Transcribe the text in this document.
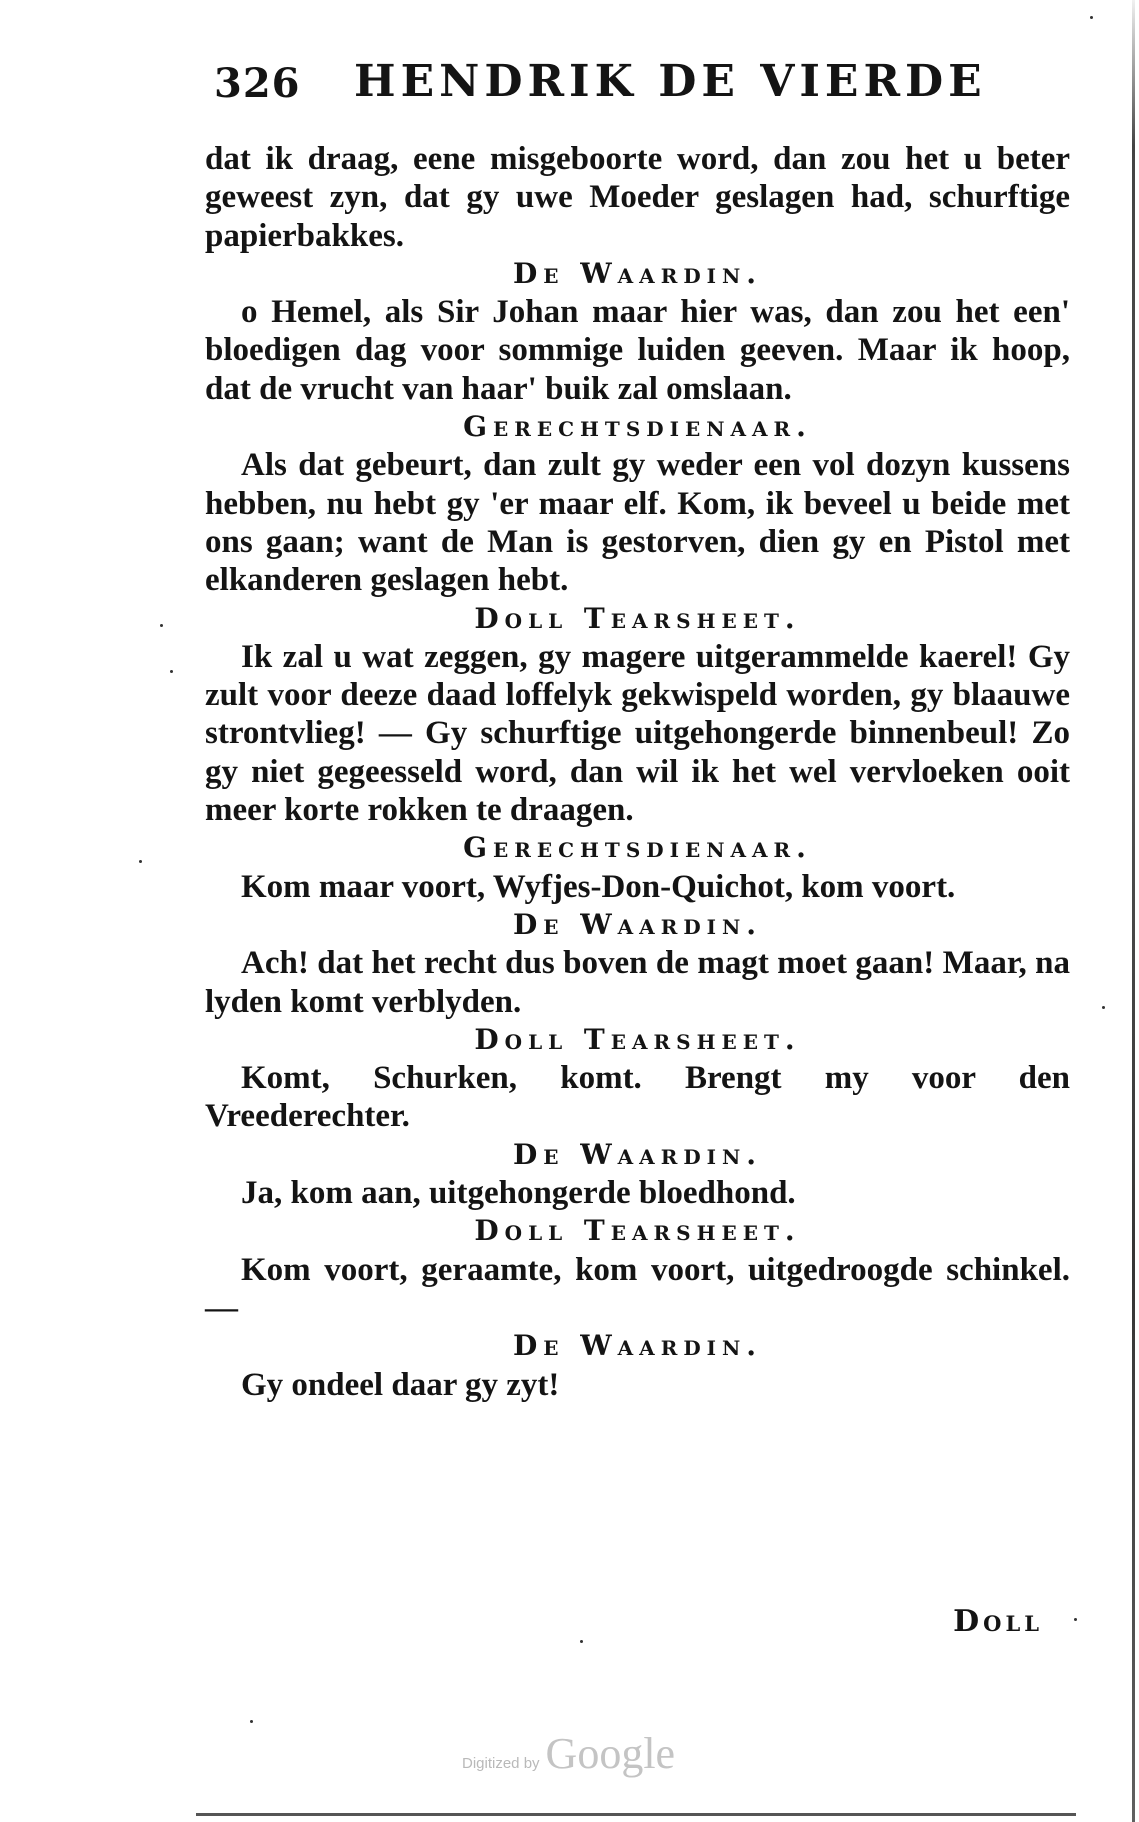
326 HENDRIK DE VIERDE
dat ik draag, eene misgeboorte word, dan zou het u beter geweest zyn, dat gy uwe Moeder geslagen had, schurftige papierbakkes.
De Waardin.
o Hemel, als Sir Johan maar hier was, dan zou het een' bloedigen dag voor sommige luiden geeven. Maar ik hoop, dat de vrucht van haar' buik zal omslaan.
Gerechtsdienaar.
Als dat gebeurt, dan zult gy weder een vol dozyn kussens hebben, nu hebt gy 'er maar elf. Kom, ik beveel u beide met ons gaan; want de Man is gestorven, dien gy en Pistol met elkanderen geslagen hebt.
Doll Tearsheet.
Ik zal u wat zeggen, gy magere uitgerammelde kaerel! Gy zult voor deeze daad loffelyk gekwispeld worden, gy blaauwe strontvlieg! — Gy schurftige uitgehongerde binnenbeul! Zo gy niet gegeesseld word, dan wil ik het wel vervloeken ooit meer korte rokken te draagen.
Gerechtsdienaar.
Kom maar voort, Wyfjes-Don-Quichot, kom voort.
De Waardin.
Ach! dat het recht dus boven de magt moet gaan! Maar, na lyden komt verblyden.
Doll Tearsheet.
Komt, Schurken, komt. Brengt my voor den Vreederechter.
De Waardin.
Ja, kom aan, uitgehongerde bloedhond.
Doll Tearsheet.
Kom voort, geraamte, kom voort, uitgedroogde schinkel. —
De Waardin.
Gy ondeel daar gy zyt!
Doll
Digitized by Google
